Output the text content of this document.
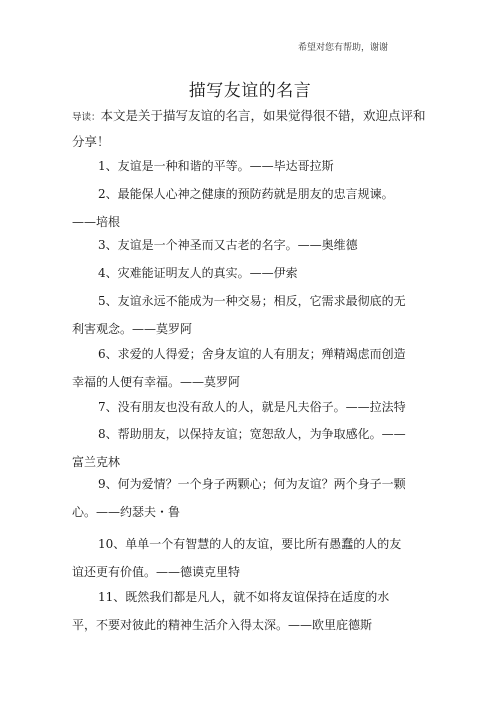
希望对您有帮助，谢谢
描写友谊的名言
导读：本文是关于描写友谊的名言，如果觉得很不错，欢迎点评和分享！
1、友谊是一种和谐的平等。——毕达哥拉斯
2、最能保人心神之健康的预防药就是朋友的忠言规谏。——培根
3、友谊是一个神圣而又古老的名字。——奥维德
4、灾难能证明友人的真实。——伊索
5、友谊永远不能成为一种交易；相反，它需求最彻底的无利害观念。——莫罗阿
6、求爱的人得爱；舍身友谊的人有朋友；殚精竭虑而创造幸福的人便有幸福。——莫罗阿
7、没有朋友也没有敌人的人，就是凡夫俗子。——拉法特
8、帮助朋友，以保持友谊；宽恕敌人，为争取感化。——富兰克林
9、何为爱情？一个身子两颗心；何为友谊？两个身子一颗心。——约瑟夫・鲁
10、单单一个有智慧的人的友谊，要比所有愚蠢的人的友谊还更有价值。——德谟克里特
11、既然我们都是凡人，就不如将友谊保持在适度的水平，不要对彼此的精神生活介入得太深。——欧里庇德斯
